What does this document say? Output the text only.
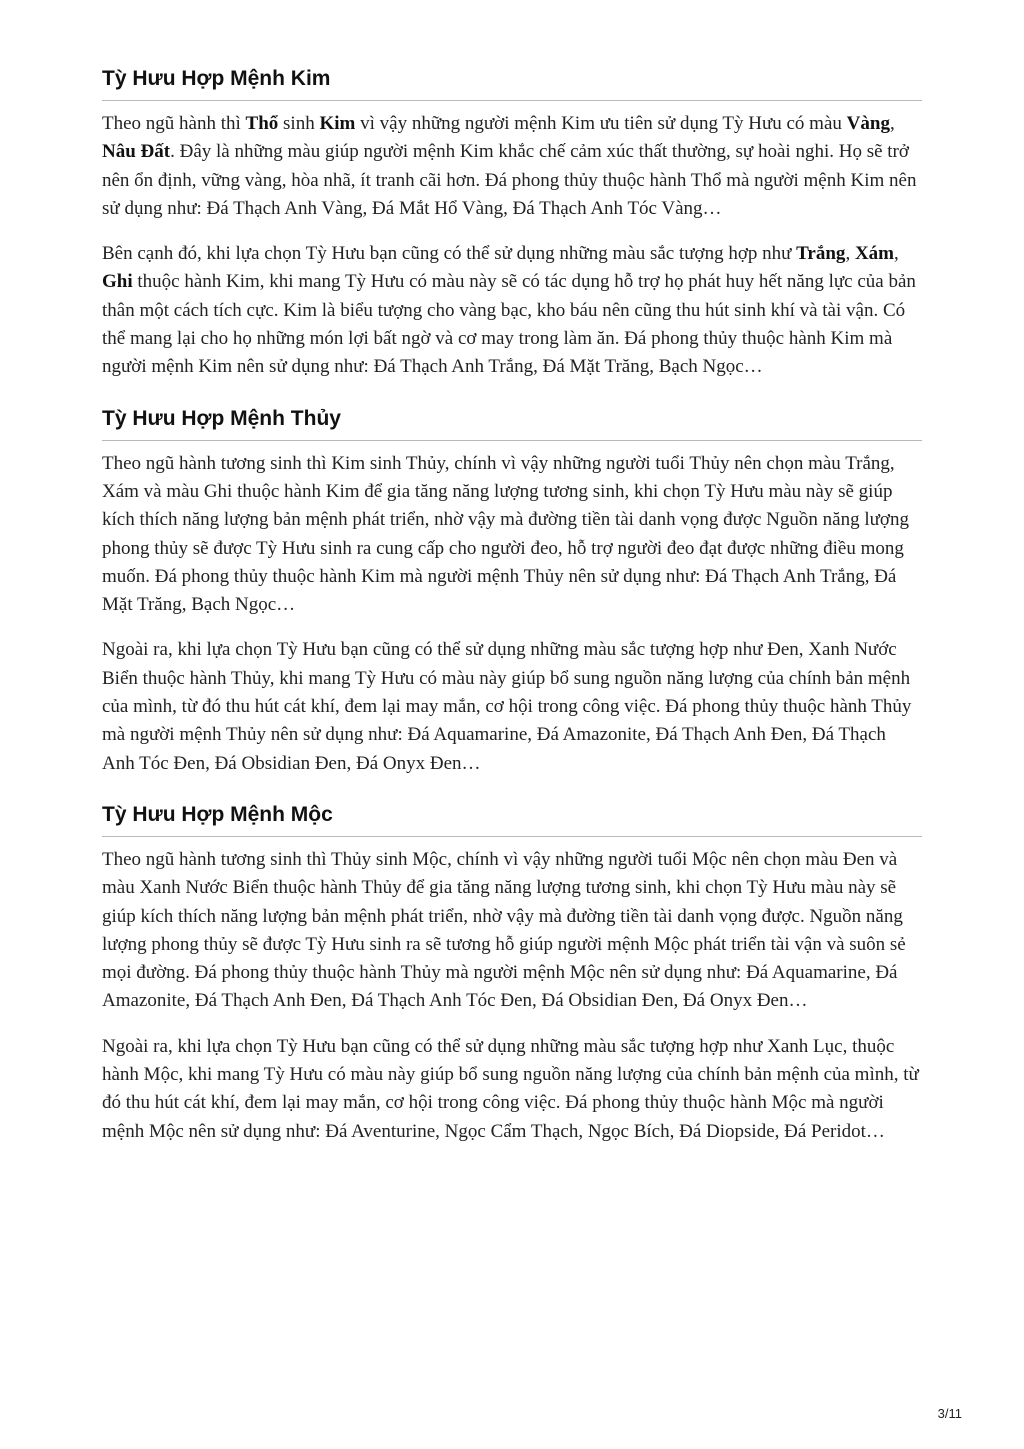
Tỳ Hưu Hợp Mệnh Kim

Theo ngũ hành thì Thổ sinh Kim vì vậy những người mệnh Kim ưu tiên sử dụng Tỳ Hưu có màu Vàng, Nâu Đất. Đây là những màu giúp người mệnh Kim khắc chế cảm xúc thất thường, sự hoài nghi. Họ sẽ trở nên ổn định, vững vàng, hòa nhã, ít tranh cãi hơn. Đá phong thủy thuộc hành Thổ mà người mệnh Kim nên sử dụng như: Đá Thạch Anh Vàng, Đá Mắt Hổ Vàng, Đá Thạch Anh Tóc Vàng…

Bên cạnh đó, khi lựa chọn Tỳ Hưu bạn cũng có thể sử dụng những màu sắc tượng hợp như Trắng, Xám, Ghi thuộc hành Kim, khi mang Tỳ Hưu có màu này sẽ có tác dụng hỗ trợ họ phát huy hết năng lực của bản thân một cách tích cực. Kim là biểu tượng cho vàng bạc, kho báu nên cũng thu hút sinh khí và tài vận. Có thể mang lại cho họ những món lợi bất ngờ và cơ may trong làm ăn. Đá phong thủy thuộc hành Kim mà người mệnh Kim nên sử dụng như: Đá Thạch Anh Trắng, Đá Mặt Trăng, Bạch Ngọc…

Tỳ Hưu Hợp Mệnh Thủy

Theo ngũ hành tương sinh thì Kim sinh Thủy, chính vì vậy những người tuổi Thủy nên chọn màu Trắng, Xám và màu Ghi thuộc hành Kim để gia tăng năng lượng tương sinh, khi chọn Tỳ Hưu màu này sẽ giúp kích thích năng lượng bản mệnh phát triển, nhờ vậy mà đường tiền tài danh vọng được Nguồn năng lượng phong thủy sẽ được Tỳ Hưu sinh ra cung cấp cho người đeo, hỗ trợ người đeo đạt được những điều mong muốn. Đá phong thủy thuộc hành Kim mà người mệnh Thủy nên sử dụng như: Đá Thạch Anh Trắng, Đá Mặt Trăng, Bạch Ngọc…

Ngoài ra, khi lựa chọn Tỳ Hưu bạn cũng có thể sử dụng những màu sắc tượng hợp như Đen, Xanh Nước Biển thuộc hành Thủy, khi mang Tỳ Hưu có màu này giúp bổ sung nguồn năng lượng của chính bản mệnh của mình, từ đó thu hút cát khí, đem lại may mắn, cơ hội trong công việc. Đá phong thủy thuộc hành Thủy mà người mệnh Thủy nên sử dụng như: Đá Aquamarine, Đá Amazonite, Đá Thạch Anh Đen, Đá Thạch Anh Tóc Đen, Đá Obsidian Đen, Đá Onyx Đen…

Tỳ Hưu Hợp Mệnh Mộc

Theo ngũ hành tương sinh thì Thủy sinh Mộc, chính vì vậy những người tuổi Mộc nên chọn màu Đen và màu Xanh Nước Biển thuộc hành Thủy để gia tăng năng lượng tương sinh, khi chọn Tỳ Hưu màu này sẽ giúp kích thích năng lượng bản mệnh phát triển, nhờ vậy mà đường tiền tài danh vọng được. Nguồn năng lượng phong thủy sẽ được Tỳ Hưu sinh ra sẽ tương hỗ giúp người mệnh Mộc phát triển tài vận và suôn sẻ mọi đường. Đá phong thủy thuộc hành Thủy mà người mệnh Mộc nên sử dụng như: Đá Aquamarine, Đá Amazonite, Đá Thạch Anh Đen, Đá Thạch Anh Tóc Đen, Đá Obsidian Đen, Đá Onyx Đen…

Ngoài ra, khi lựa chọn Tỳ Hưu bạn cũng có thể sử dụng những màu sắc tượng hợp như Xanh Lục, thuộc hành Mộc, khi mang Tỳ Hưu có màu này giúp bổ sung nguồn năng lượng của chính bản mệnh của mình, từ đó thu hút cát khí, đem lại may mắn, cơ hội trong công việc. Đá phong thủy thuộc hành Mộc mà người mệnh Mộc nên sử dụng như: Đá Aventurine, Ngọc Cẩm Thạch, Ngọc Bích, Đá Diopside, Đá Peridot…

3/11
